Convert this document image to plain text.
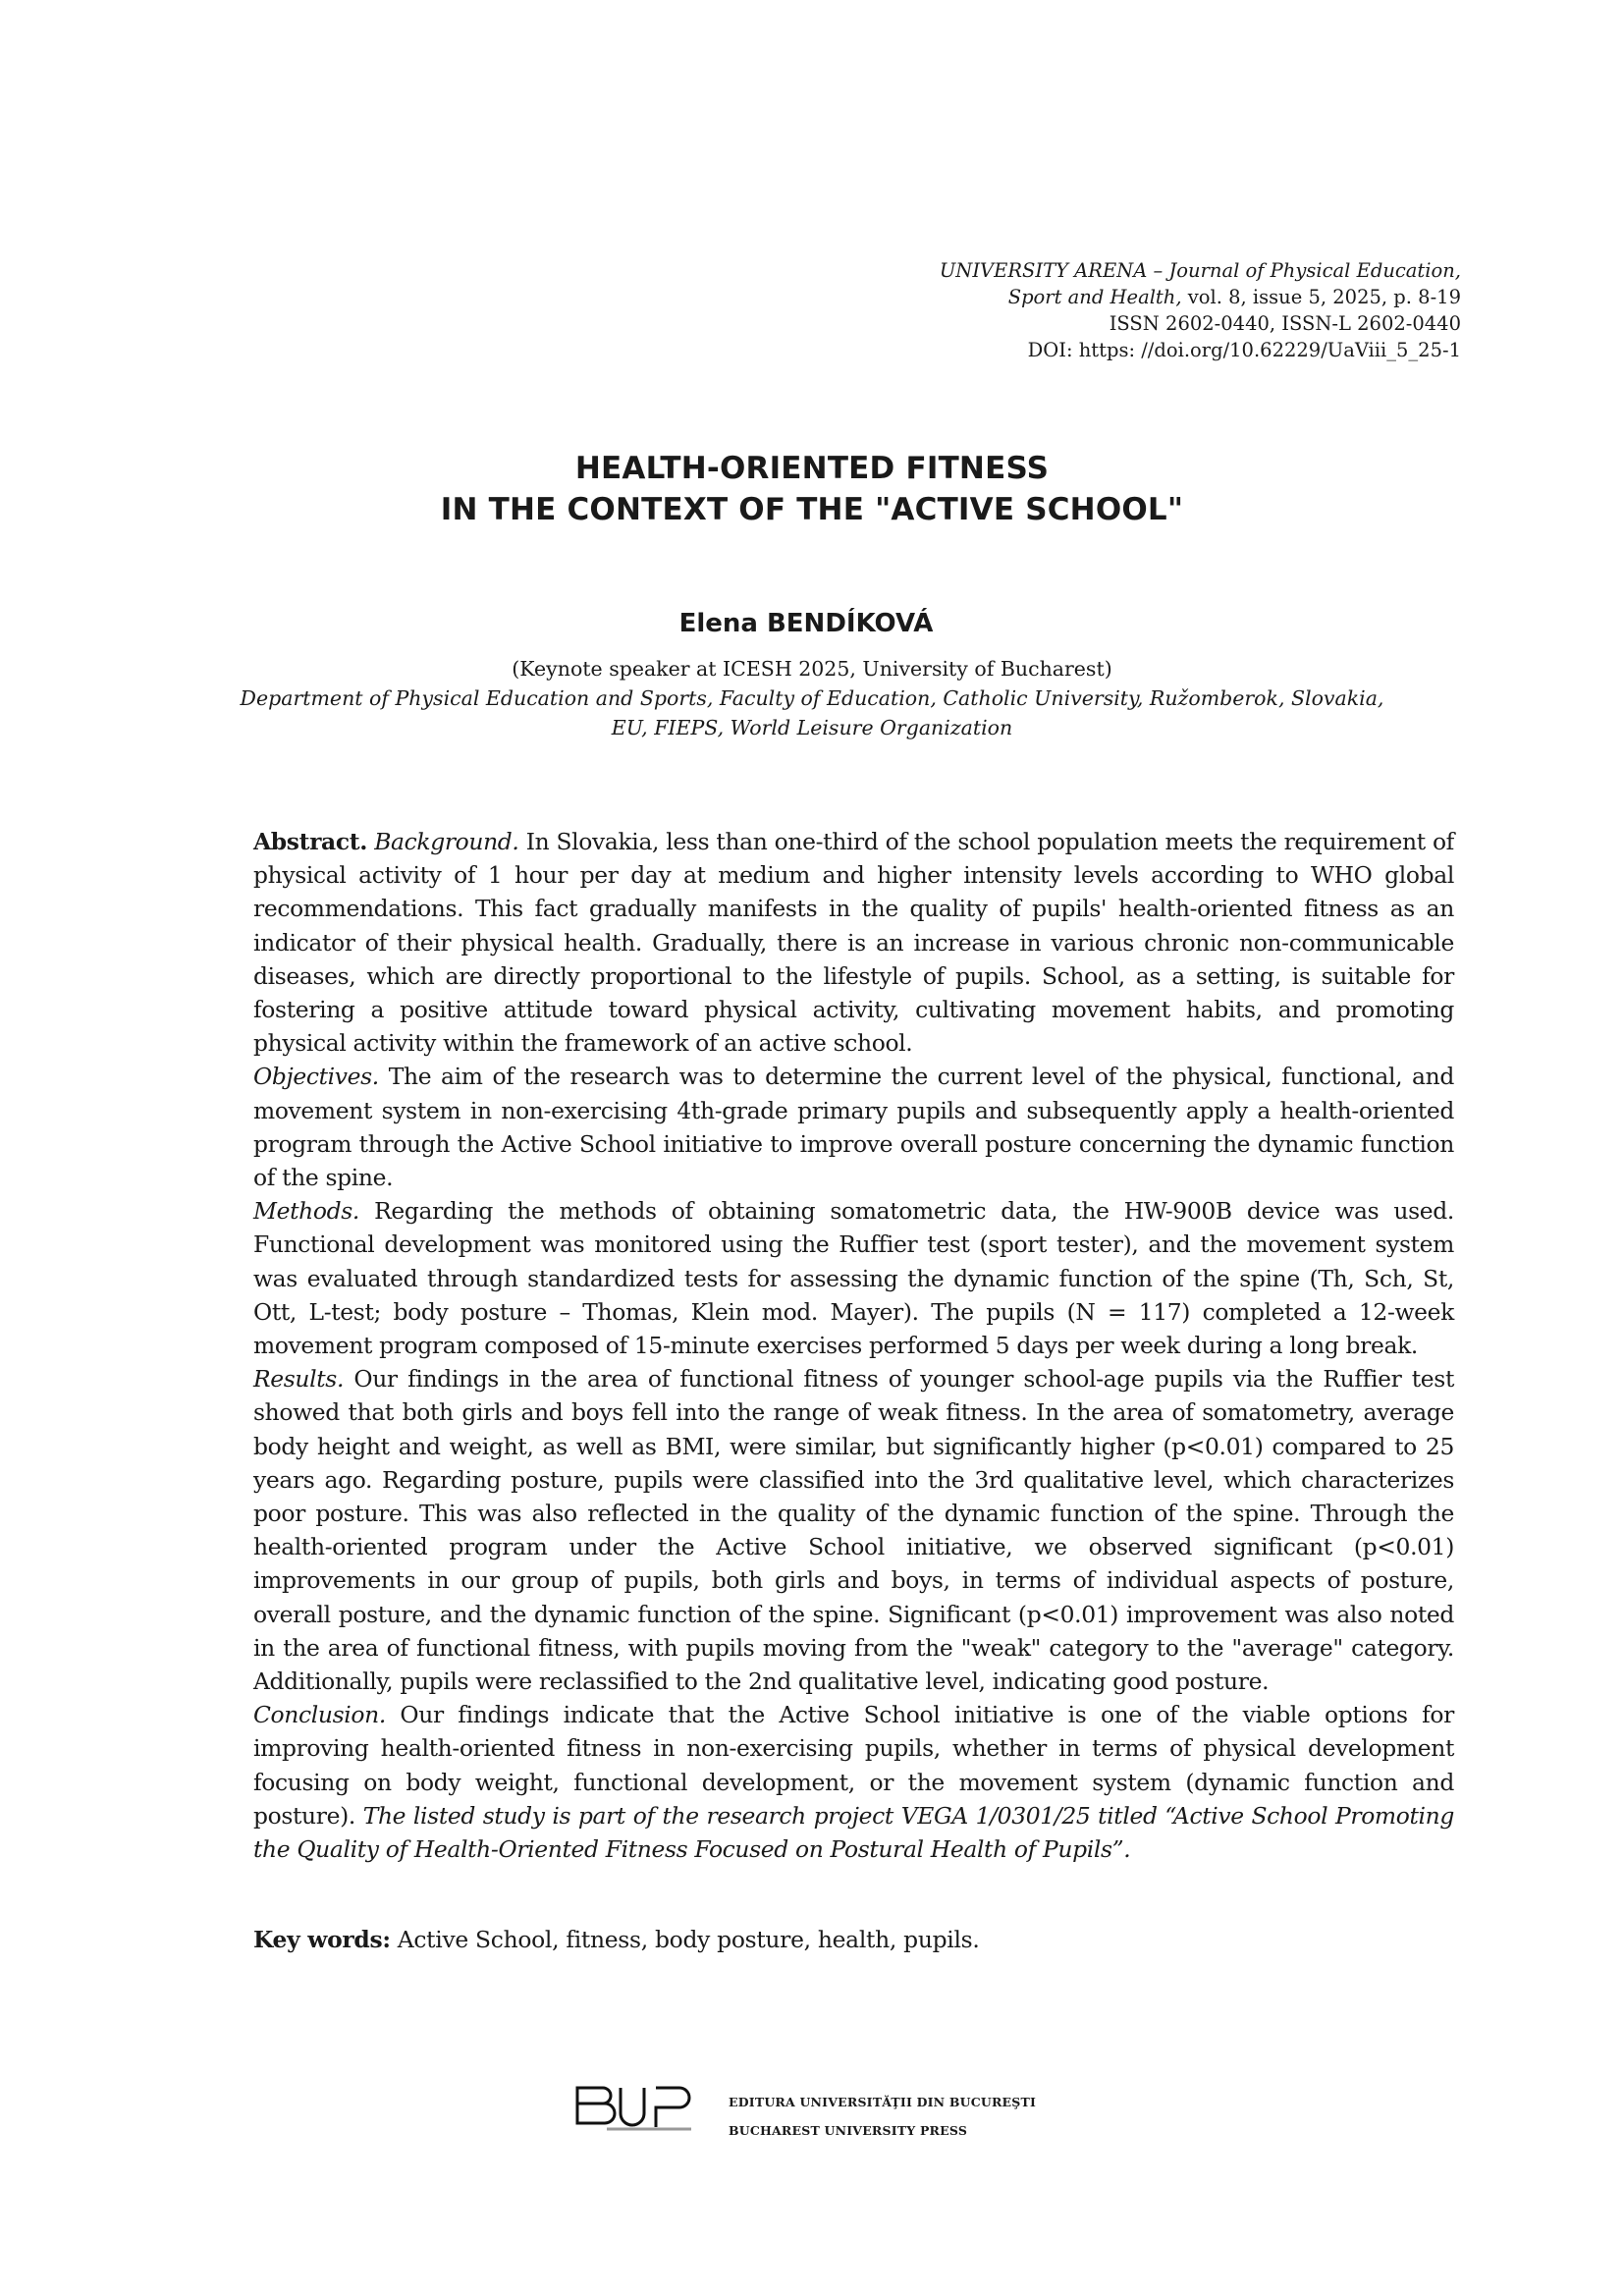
UNIVERSITY ARENA – Journal of Physical Education,
Sport and Health, vol. 8, issue 5, 2025, p. 8-19
ISSN 2602-0440, ISSN-L 2602-0440
DOI: https: //doi.org/10.62229/UaViii_5_25-1
HEALTH-ORIENTED FITNESS
IN THE CONTEXT OF THE "ACTIVE SCHOOL"
Elena BENDÍKOVÁ
(Keynote speaker at ICESH 2025, University of Bucharest)
Department of Physical Education and Sports, Faculty of Education, Catholic University, Ružomberok, Slovakia,
EU, FIEPS, World Leisure Organization

Abstract. Background. In Slovakia, less than one-third of the school population meets the requirement of physical activity of 1 hour per day at medium and higher intensity levels according to WHO global recommendations. This fact gradually manifests in the quality of pupils' health-oriented fitness as an indicator of their physical health. Gradually, there is an increase in various chronic non-communicable diseases, which are directly proportional to the lifestyle of pupils. School, as a setting, is suitable for fostering a positive attitude toward physical activity, cultivating movement habits, and promoting physical activity within the framework of an active school.

Objectives. The aim of the research was to determine the current level of the physical, functional, and movement system in non-exercising 4th-grade primary pupils and subsequently apply a health-oriented program through the Active School initiative to improve overall posture concerning the dynamic function of the spine.

Methods. Regarding the methods of obtaining somatometric data, the HW-900B device was used. Functional development was monitored using the Ruffier test (sport tester), and the movement system was evaluated through standardized tests for assessing the dynamic function of the spine (Th, Sch, St, Ott, L-test; body posture – Thomas, Klein mod. Mayer). The pupils (N = 117) completed a 12-week movement program composed of 15-minute exercises performed 5 days per week during a long break.

Results. Our findings in the area of functional fitness of younger school-age pupils via the Ruffier test showed that both girls and boys fell into the range of weak fitness. In the area of somatometry, average body height and weight, as well as BMI, were similar, but significantly higher (p<0.01) compared to 25 years ago. Regarding posture, pupils were classified into the 3rd qualitative level, which characterizes poor posture. This was also reflected in the quality of the dynamic function of the spine. Through the health-oriented program under the Active School initiative, we observed significant (p<0.01) improvements in our group of pupils, both girls and boys, in terms of individual aspects of posture, overall posture, and the dynamic function of the spine. Significant (p<0.01) improvement was also noted in the area of functional fitness, with pupils moving from the "weak" category to the "average" category. Additionally, pupils were reclassified to the 2nd qualitative level, indicating good posture.

Conclusion. Our findings indicate that the Active School initiative is one of the viable options for improving health-oriented fitness in non-exercising pupils, whether in terms of physical development focusing on body weight, functional development, or the movement system (dynamic function and posture). The listed study is part of the research project VEGA 1/0301/25 titled “Active School Promoting the Quality of Health-Oriented Fitness Focused on Postural Health of Pupils”.

Key words: Active School, fitness, body posture, health, pupils.
EDITURA UNIVERSITĂŢII DIN BUCUREŞTI
BUCHAREST UNIVERSITY PRESS
